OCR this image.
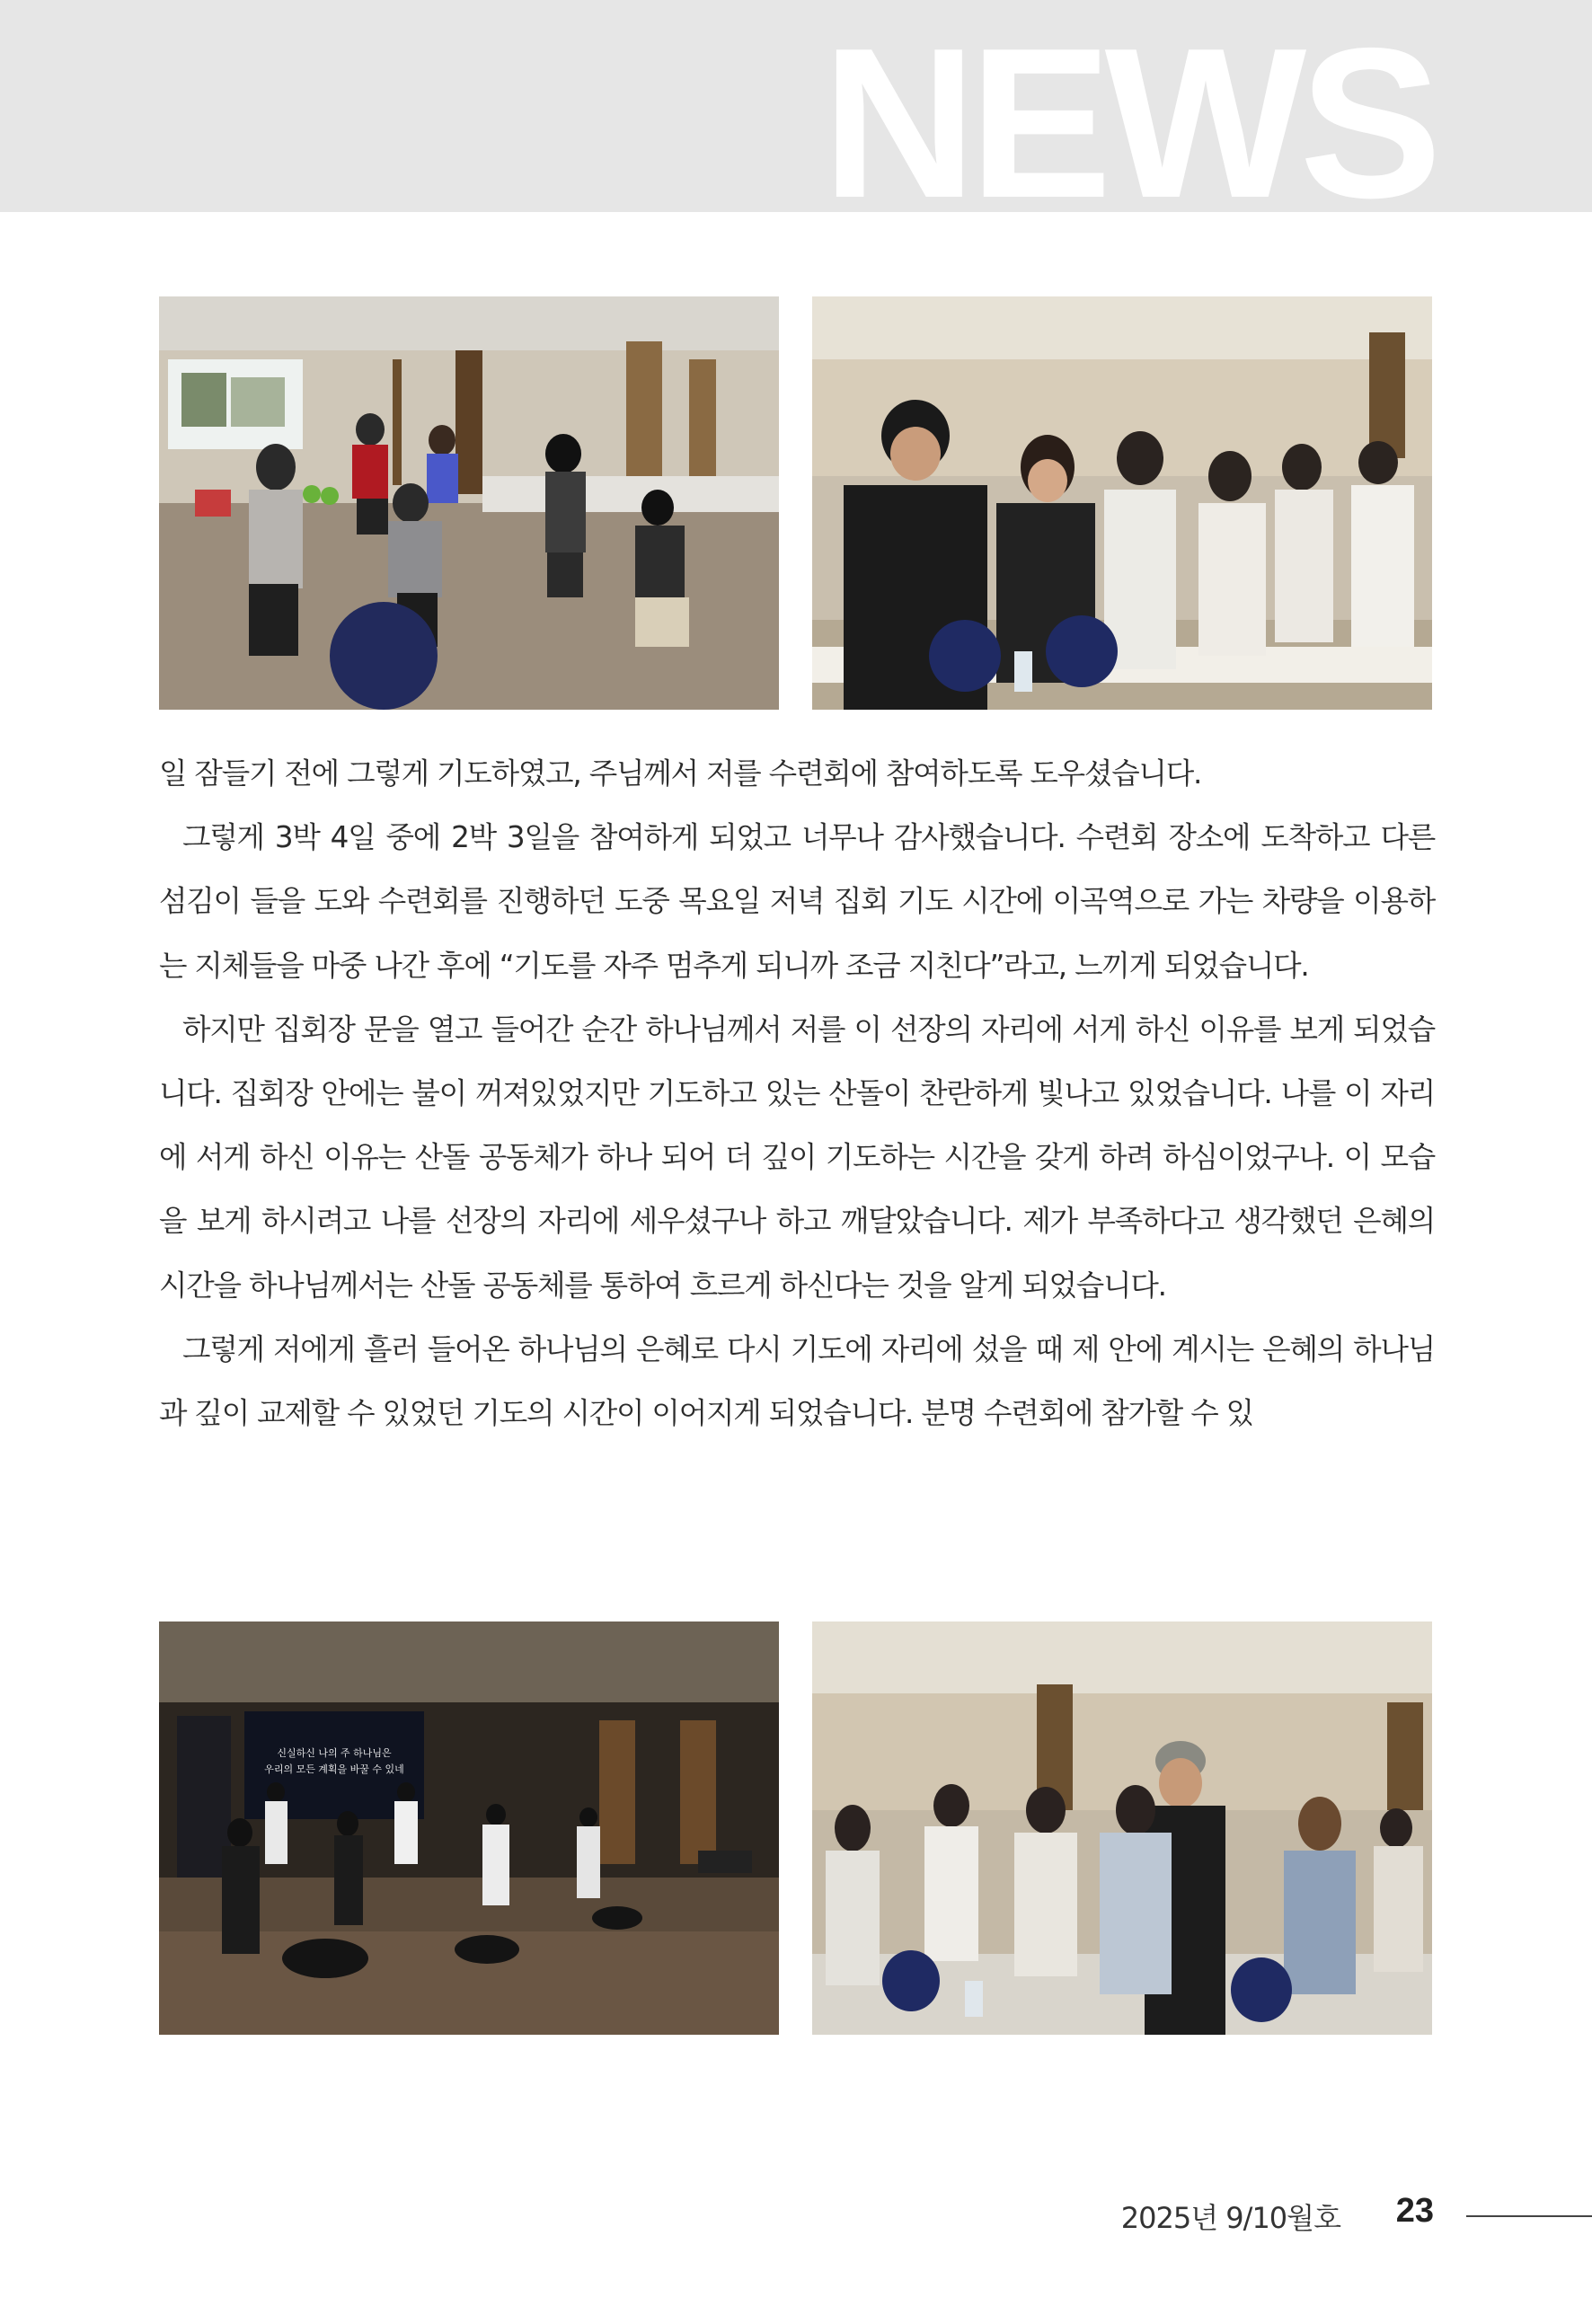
NEWS

일 잠들기 전에 그렇게 기도하였고, 주님께서 저를 수련회에 참여하도록 도우셨습니다.

그렇게 3박 4일 중에 2박 3일을 참여하게 되었고 너무나 감사했습니다. 수련회 장소에 도착하고 다른 섬김이 들을 도와 수련회를 진행하던 도중 목요일 저녁 집회 기도 시간에 이곡역으로 가는 차량을 이용하는 지체들을 마중 나간 후에 “기도를 자주 멈추게 되니까 조금 지친다”라고, 느끼게 되었습니다.

하지만 집회장 문을 열고 들어간 순간 하나님께서 저를 이 선장의 자리에 서게 하신 이유를 보게 되었습니다. 집회장 안에는 불이 꺼져있었지만 기도하고 있는 산돌이 찬란하게 빛나고 있었습니다. 나를 이 자리에 서게 하신 이유는 산돌 공동체가 하나 되어 더 깊이 기도하는 시간을 갖게 하려 하심이었구나. 이 모습을 보게 하시려고 나를 선장의 자리에 세우셨구나 하고 깨달았습니다. 제가 부족하다고 생각했던 은혜의 시간을 하나님께서는 산돌 공동체를 통하여 흐르게 하신다는 것을 알게 되었습니다.

그렇게 저에게 흘러 들어온 하나님의 은혜로 다시 기도에 자리에 섰을 때 제 안에 계시는 은혜의 하나님과 깊이 교제할 수 있었던 기도의 시간이 이어지게 되었습니다. 분명 수련회에 참가할 수 있

신실하신 나의 주 하나님은
우리의 모든 계획을 바꿀 수 있네
2025년 9/10월호 23
